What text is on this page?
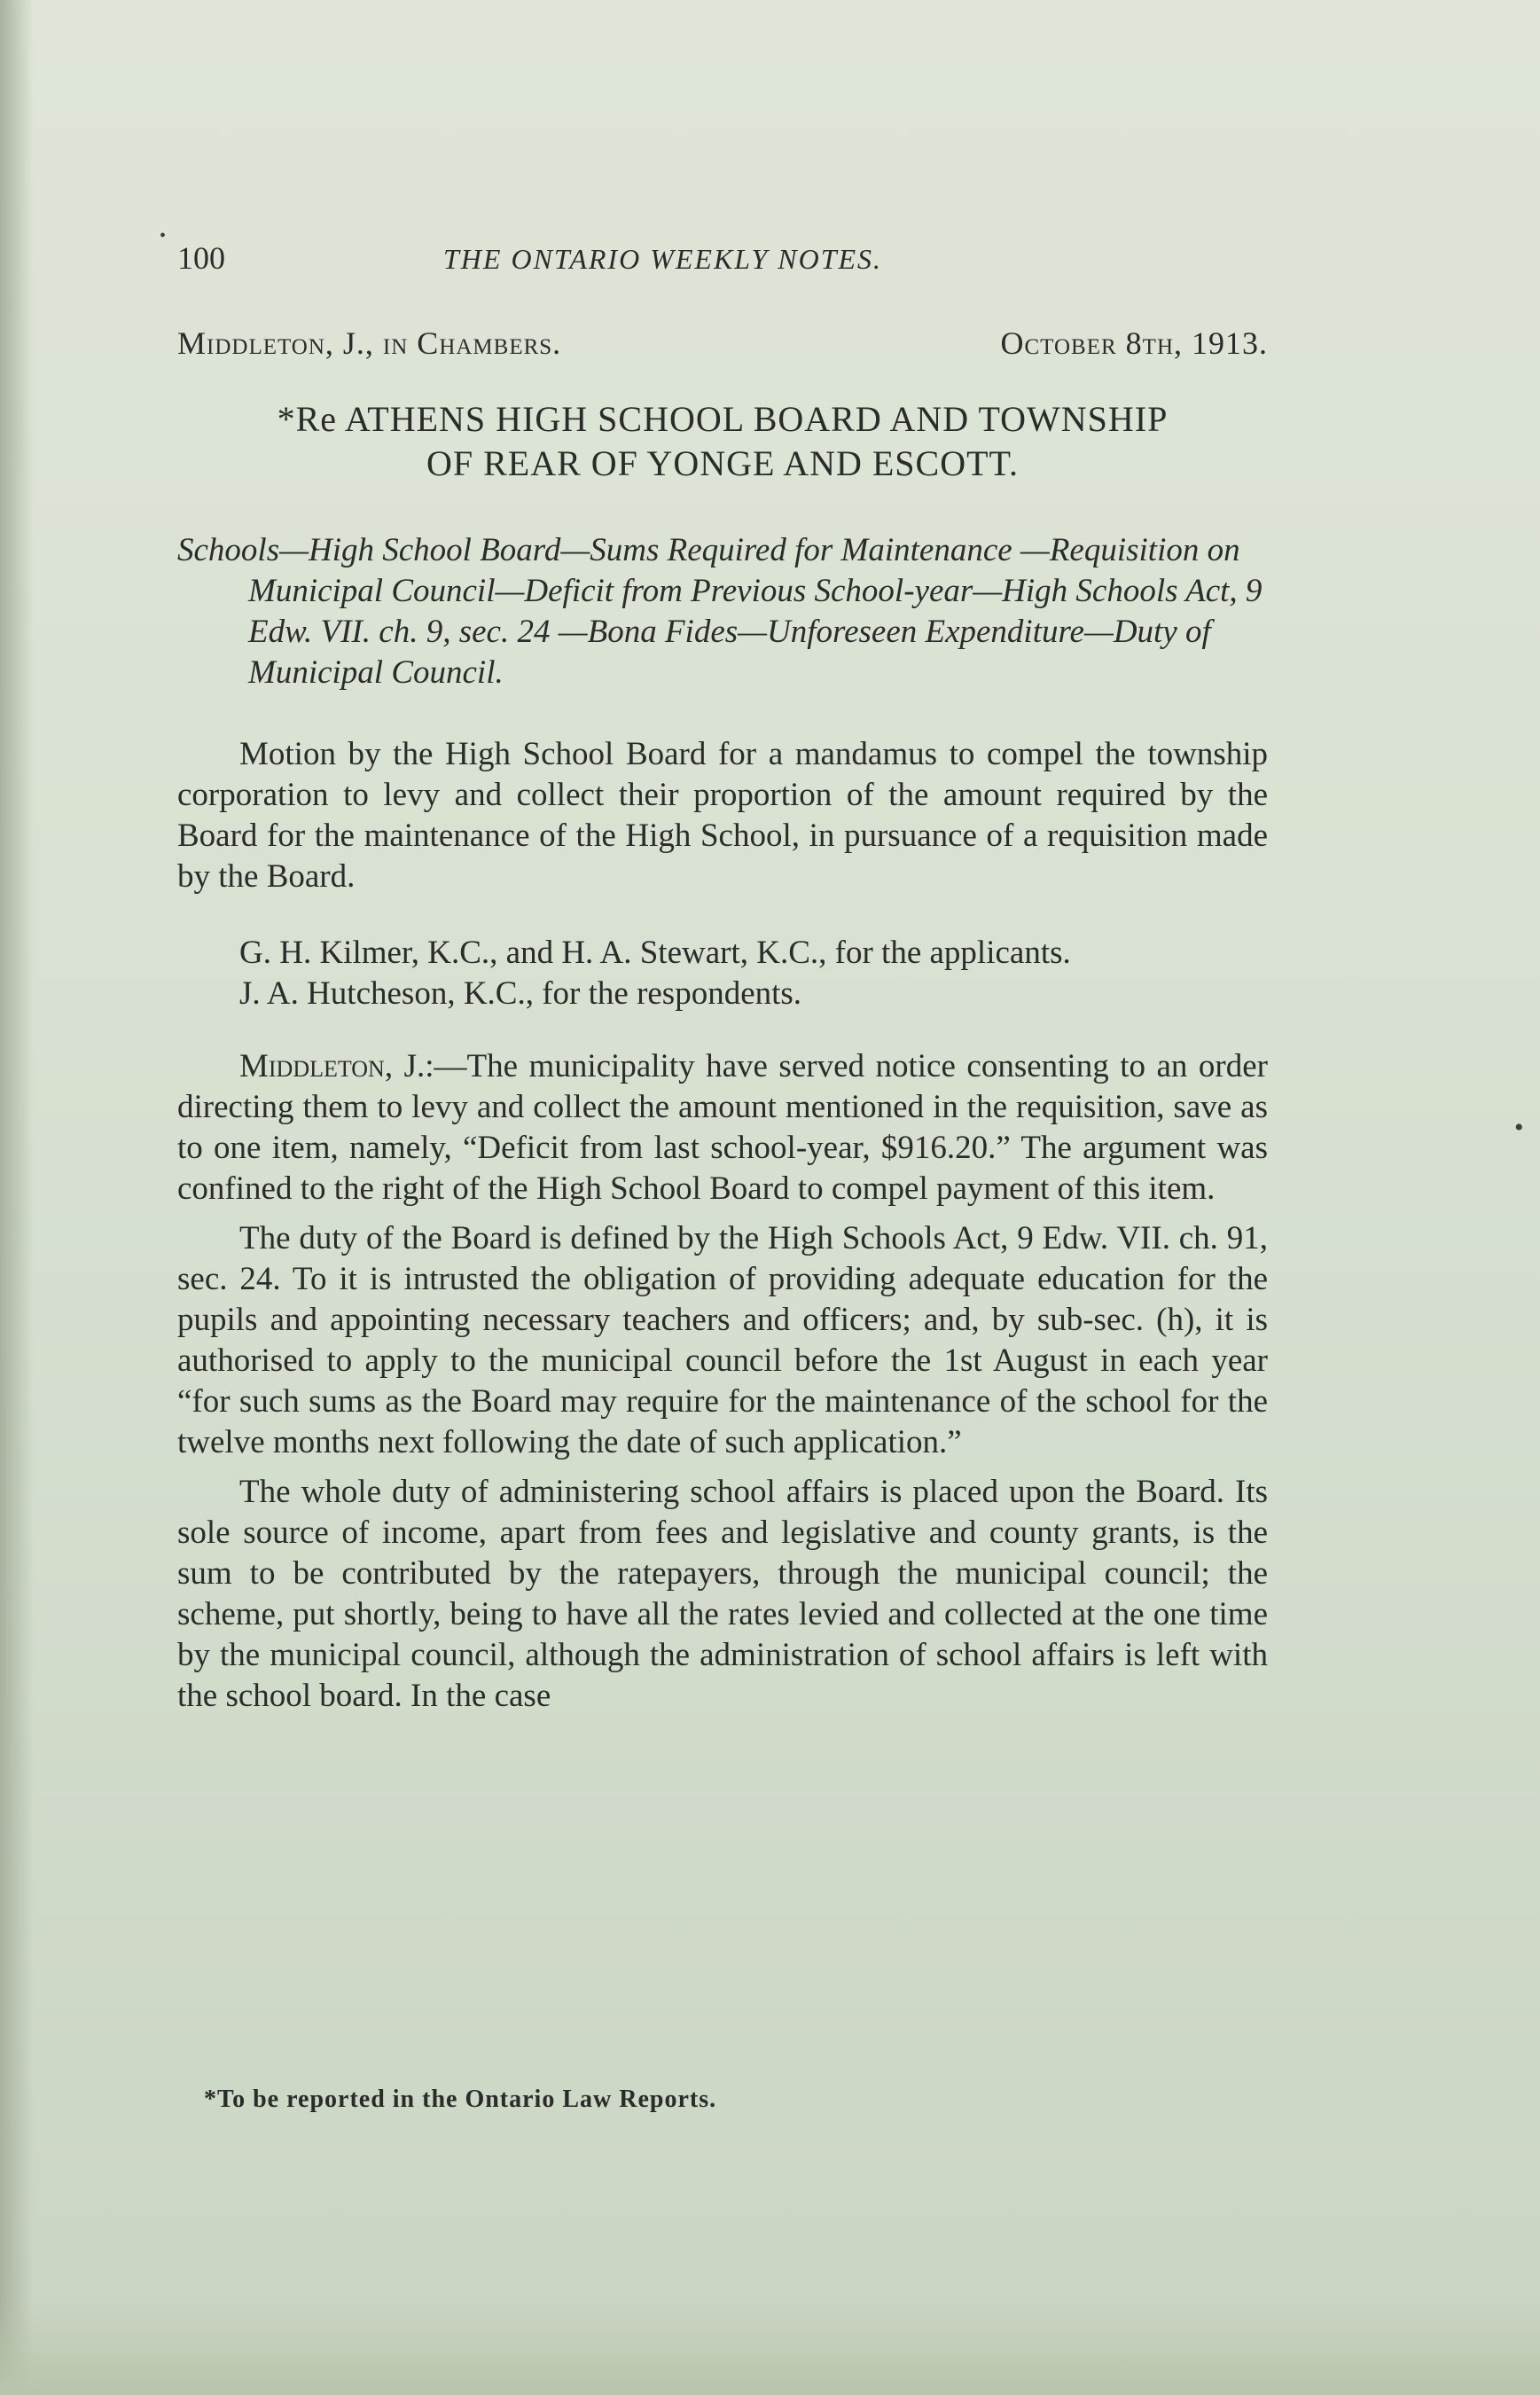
100	THE ONTARIO WEEKLY NOTES.
Middleton, J., in Chambers.	October 8th, 1913.
*Re ATHENS HIGH SCHOOL BOARD AND TOWNSHIP
OF REAR OF YONGE AND ESCOTT.
Schools—High School Board—Sums Required for Maintenance —Requisition on Municipal Council—Deficit from Previous School-year—High Schools Act, 9 Edw. VII. ch. 9, sec. 24 —Bona Fides—Unforeseen Expenditure—Duty of Municipal Council.

Motion by the High School Board for a mandamus to compel the township corporation to levy and collect their proportion of the amount required by the Board for the maintenance of the High School, in pursuance of a requisition made by the Board.

G. H. Kilmer, K.C., and H. A. Stewart, K.C., for the applicants.

J. A. Hutcheson, K.C., for the respondents.

Middleton, J.:—The municipality have served notice consenting to an order directing them to levy and collect the amount mentioned in the requisition, save as to one item, namely, “Deficit from last school-year, $916.20.” The argument was confined to the right of the High School Board to compel payment of this item.

The duty of the Board is defined by the High Schools Act, 9 Edw. VII. ch. 91, sec. 24. To it is intrusted the obligation of providing adequate education for the pupils and appointing necessary teachers and officers; and, by sub-sec. (h), it is authorised to apply to the municipal council before the 1st August in each year “for such sums as the Board may require for the maintenance of the school for the twelve months next following the date of such application.”

The whole duty of administering school affairs is placed upon the Board. Its sole source of income, apart from fees and legislative and county grants, is the sum to be contributed by the ratepayers, through the municipal council; the scheme, put shortly, being to have all the rates levied and collected at the one time by the municipal council, although the administration of school affairs is left with the school board. In the case

*To be reported in the Ontario Law Reports.
•
•
